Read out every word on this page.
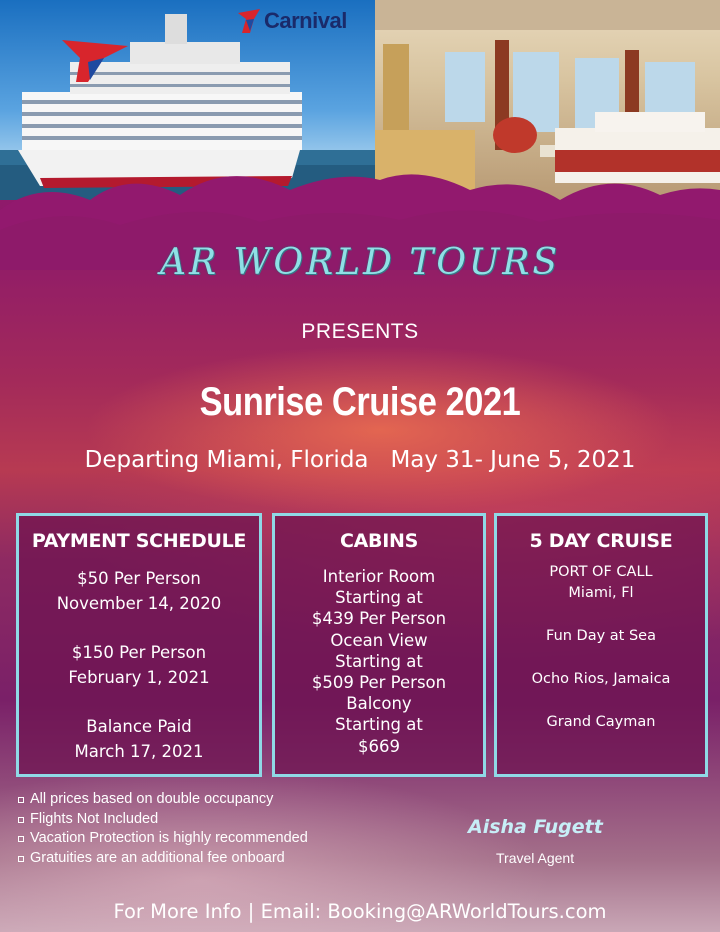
Carnival
AR WORLD TOURS
PRESENTS
Sunrise Cruise 2021
Departing Miami, Florida   May 31- June 5, 2021
PAYMENT SCHEDULE
$50 Per Person
November 14, 2020
$150 Per Person
February 1, 2021
Balance Paid
March 17, 2021
CABINS
Interior Room
Starting at
$439 Per Person
Ocean View
Starting at
$509 Per Person
Balcony
Starting at
$669
5 DAY CRUISE
PORT OF CALL
Miami, Fl
Fun Day at Sea
Ocho Rios, Jamaica
Grand Cayman
All prices based on double occupancy
Flights Not Included
Vacation Protection is highly recommended
Gratuities are an additional fee onboard
Aisha Fugett
Travel Agent
For More Info | Email: Booking@ARWorldTours.com
